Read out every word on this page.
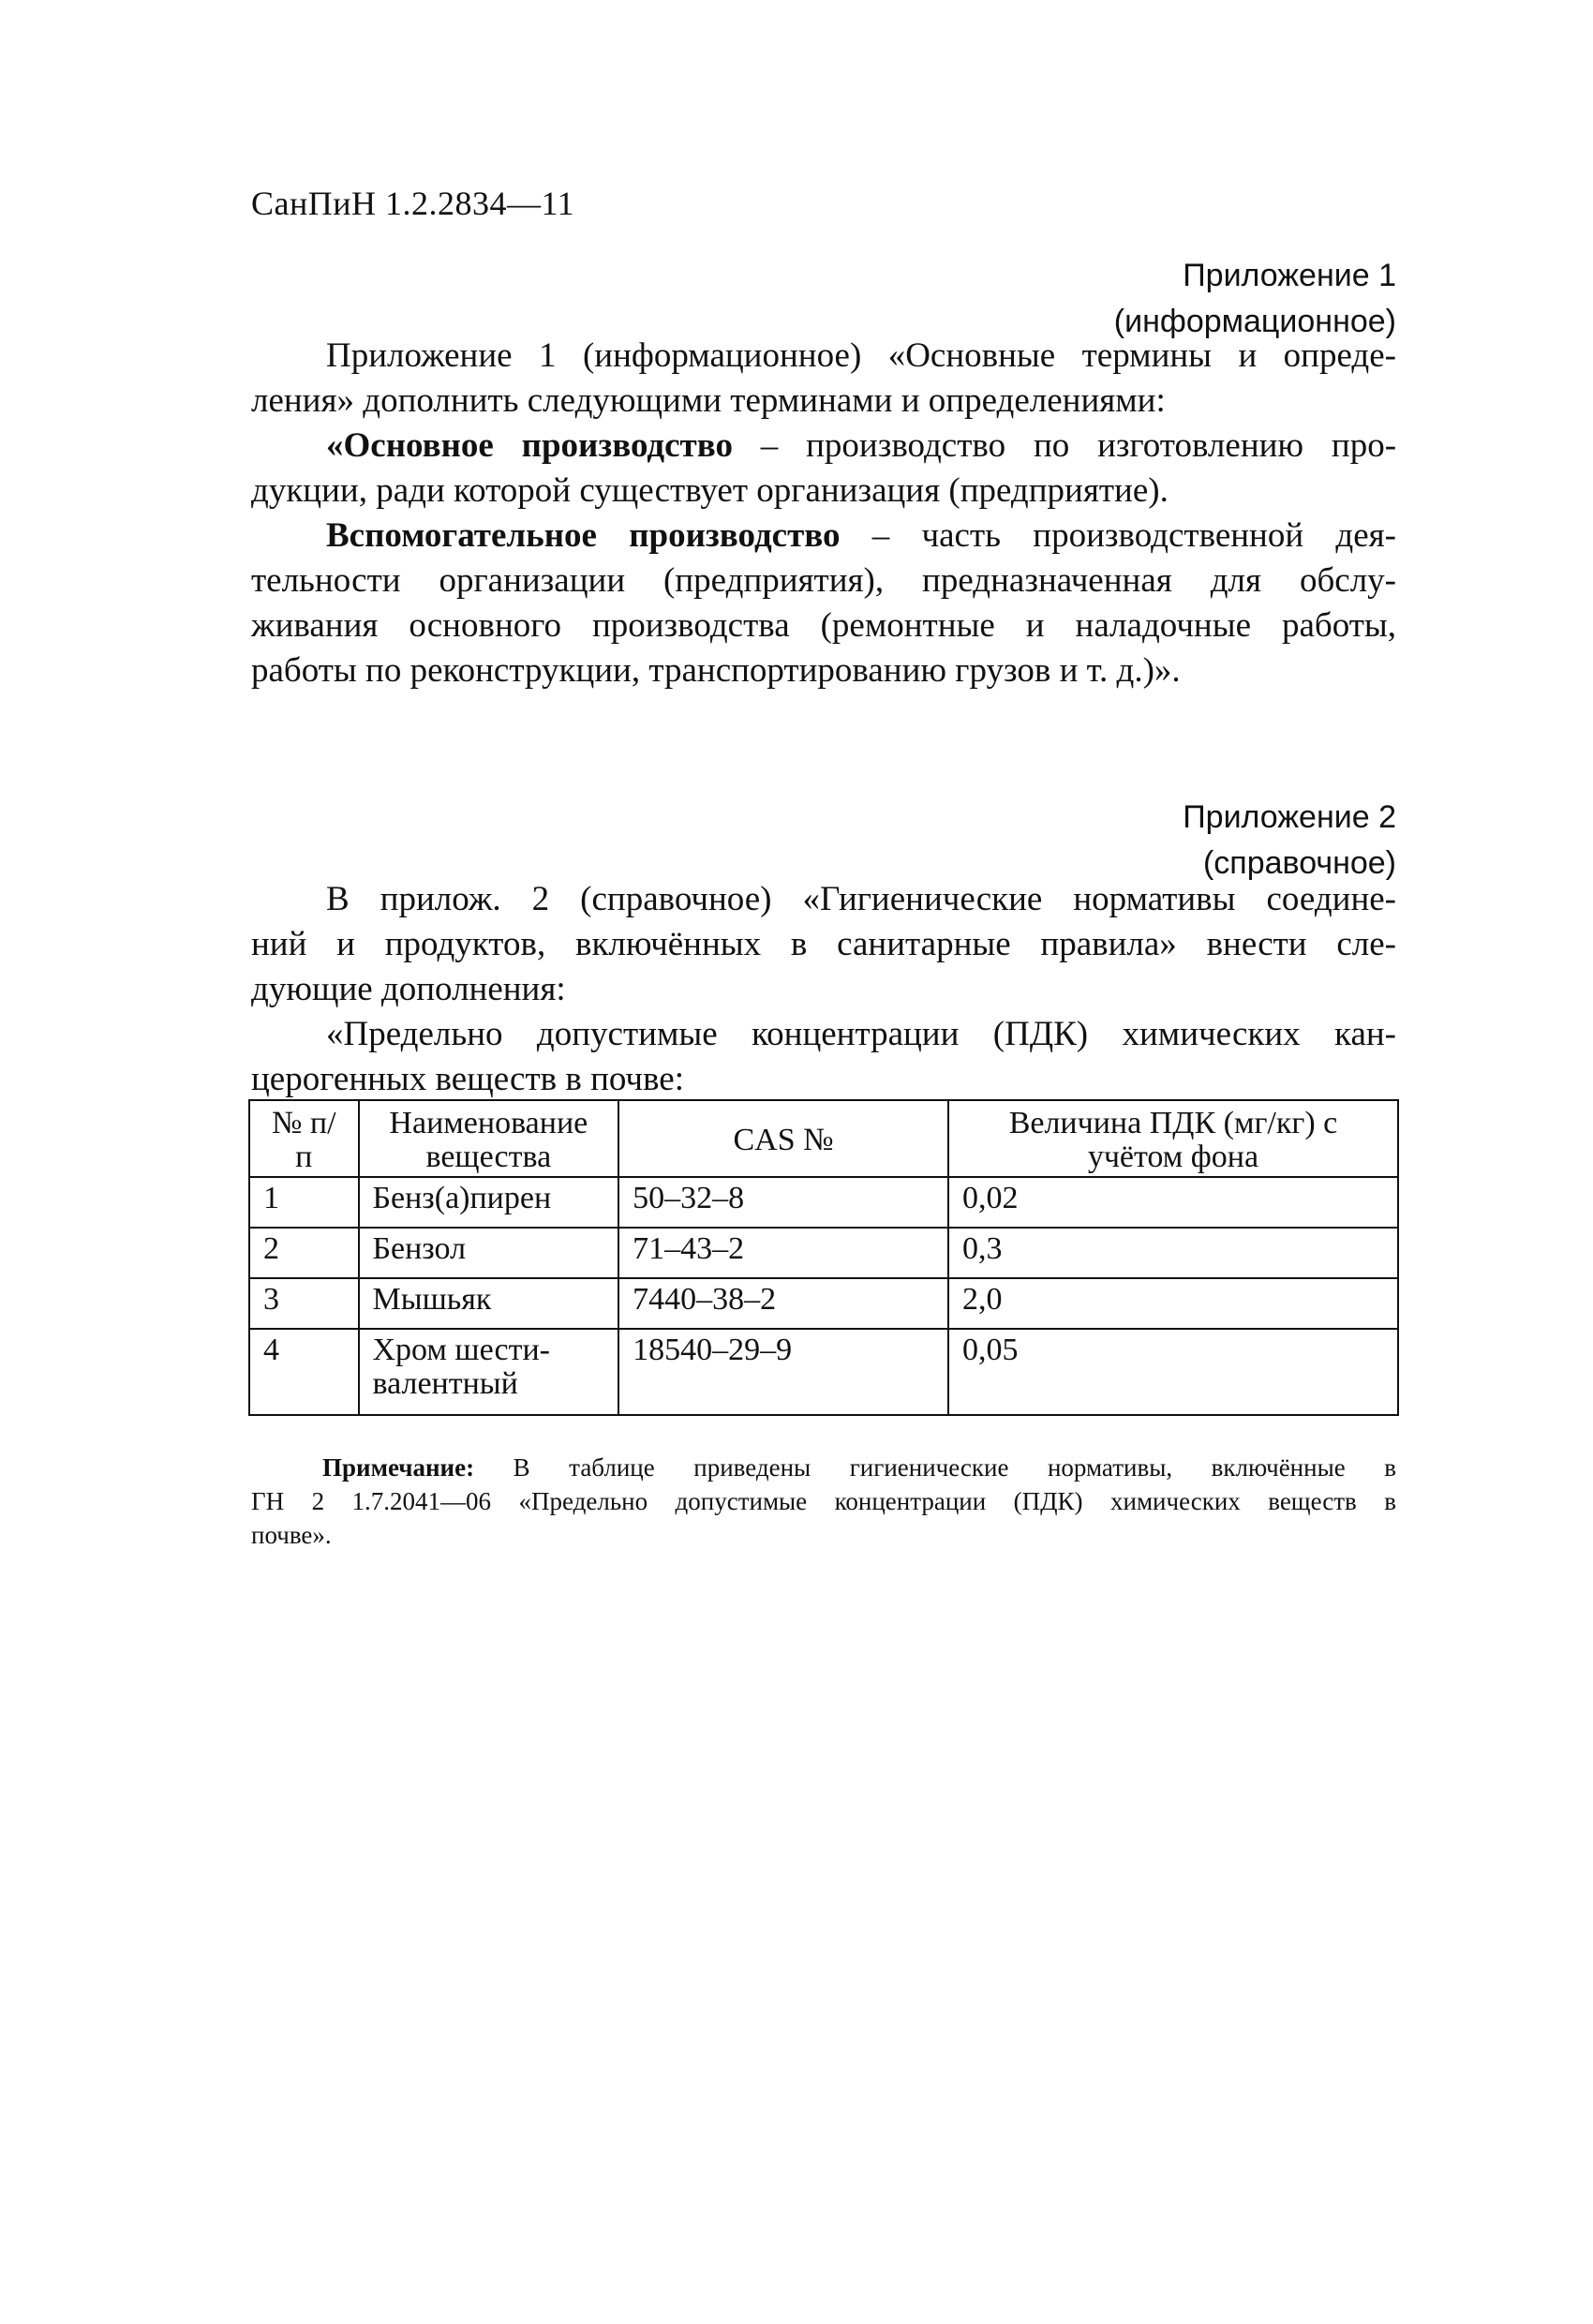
СанПиН 1.2.2834—11
Приложение 1
(информационное)

Приложение 1 (информационное) «Основные термины и опреде-
ления» дополнить следующими терминами и определениями:

«Основное производство – производство по изготовлению про-
дукции, ради которой существует организация (предприятие).

Вспомогательное производство – часть производственной дея-
тельности организации (предприятия), предназначенная для обслу-
живания основного производства (ремонтные и наладочные работы,
работы по реконструкции, транспортированию грузов и т. д.)».

Приложение 2
(справочное)

В прилож. 2 (справочное) «Гигиенические нормативы соедине-
ний и продуктов, включённых в санитарные правила» внести сле-
дующие дополнения:

«Предельно допустимые концентрации (ПДК) химических кан-
церогенных веществ в почве:

№ п/п	Наименование вещества	CAS №	Величина ПДК (мг/кг) с учётом фона
1	Бенз(а)пирен	50–32–8	0,02
2	Бензол	71–43–2	0,3
3	Мышьяк	7440–38–2	2,0
4	Хром шести-валентный	18540–29–9	0,05
Примечание: В таблице приведены гигиенические нормативы, включённые в
ГН 2 1.7.2041—06 «Предельно допустимые концентрации (ПДК) химических веществ в
почве».
